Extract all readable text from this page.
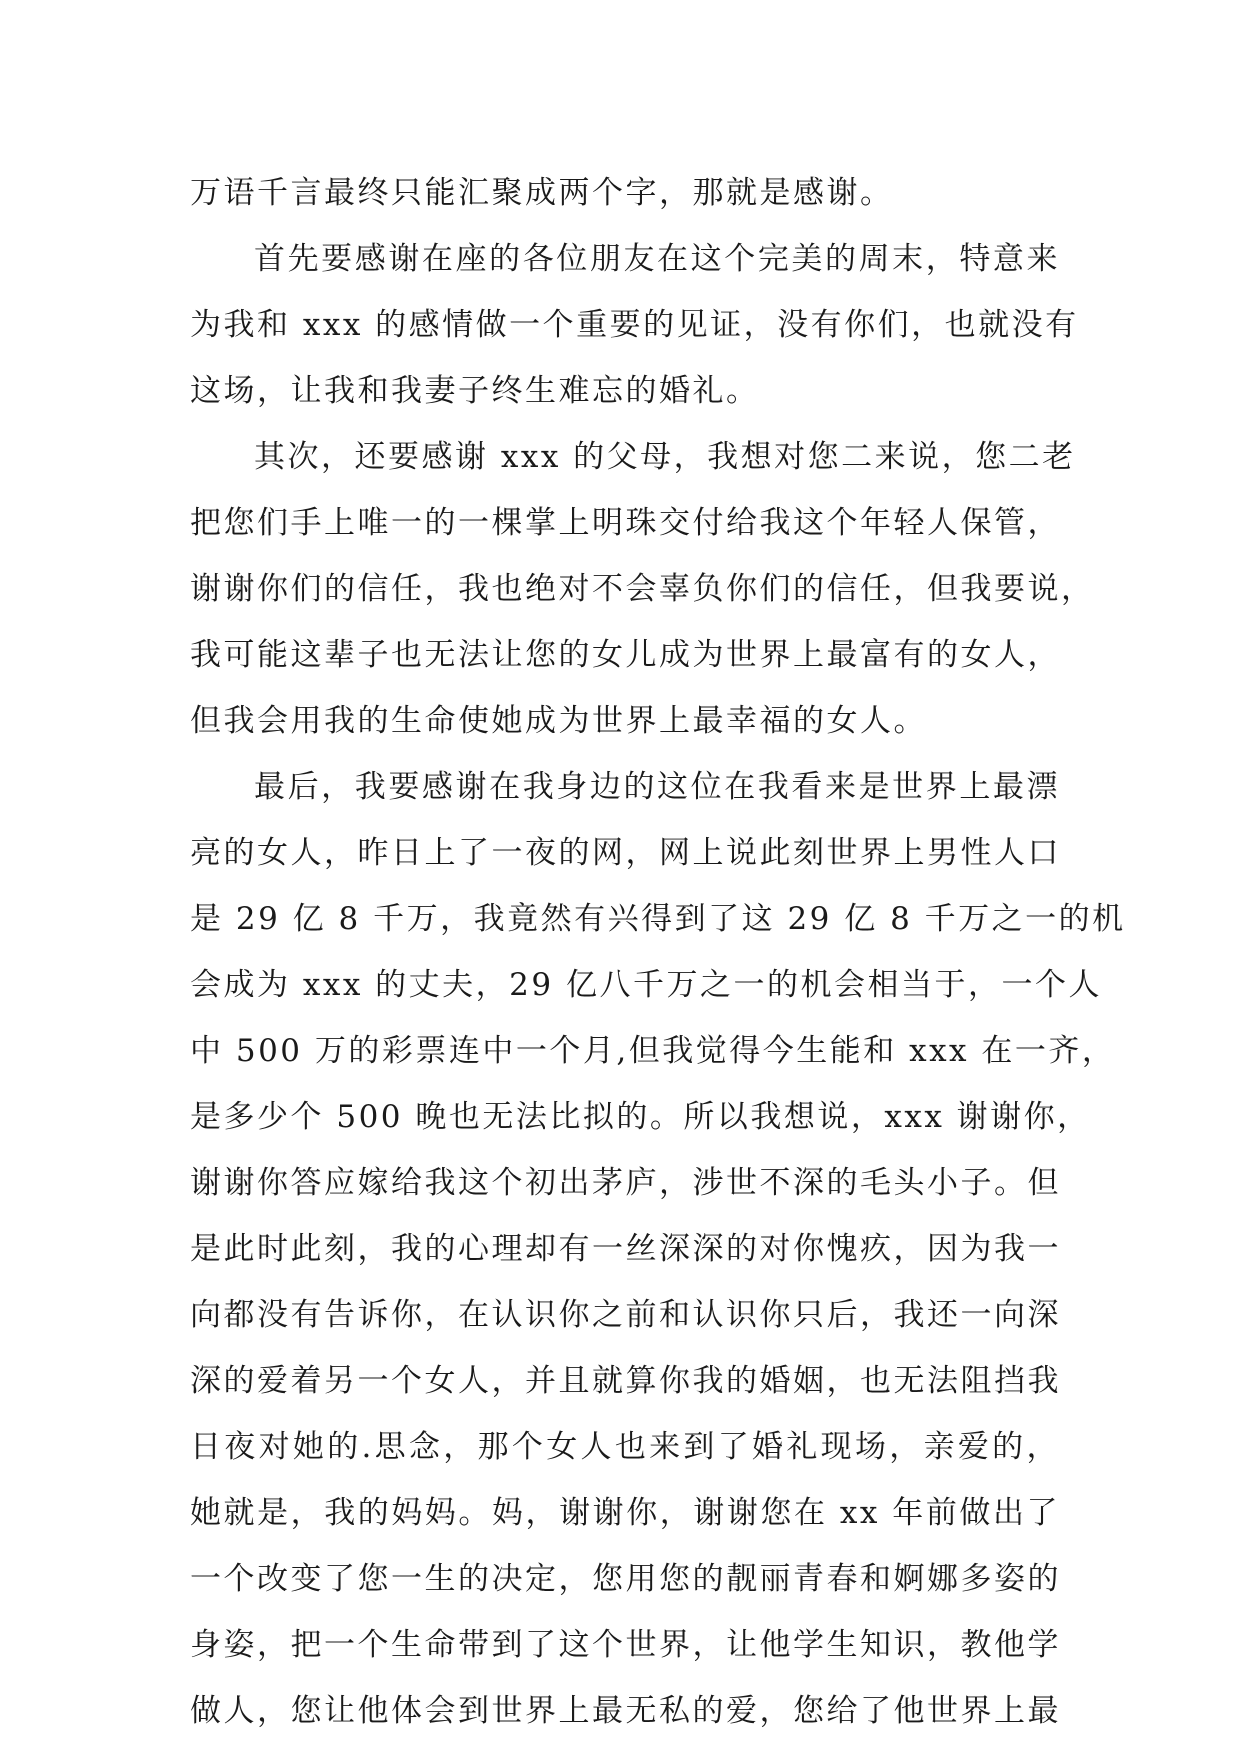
万语千言最终只能汇聚成两个字，那就是感谢。
首先要感谢在座的各位朋友在这个完美的周末，特意来
为我和 xxx 的感情做一个重要的见证，没有你们，也就没有
这场，让我和我妻子终生难忘的婚礼。
其次，还要感谢 xxx 的父母，我想对您二来说，您二老
把您们手上唯一的一棵掌上明珠交付给我这个年轻人保管，
谢谢你们的信任，我也绝对不会辜负你们的信任，但我要说，
我可能这辈子也无法让您的女儿成为世界上最富有的女人，
但我会用我的生命使她成为世界上最幸福的女人。
最后，我要感谢在我身边的这位在我看来是世界上最漂
亮的女人，昨日上了一夜的网，网上说此刻世界上男性人口
是 29 亿 8 千万，我竟然有兴得到了这 29 亿 8 千万之一的机
会成为 xxx 的丈夫，29 亿八千万之一的机会相当于，一个人
中 500 万的彩票连中一个月,但我觉得今生能和 xxx 在一齐，
是多少个 500 晚也无法比拟的。所以我想说，xxx 谢谢你，
谢谢你答应嫁给我这个初出茅庐，涉世不深的毛头小子。但
是此时此刻，我的心理却有一丝深深的对你愧疚，因为我一
向都没有告诉你，在认识你之前和认识你只后，我还一向深
深的爱着另一个女人，并且就算你我的婚姻，也无法阻挡我
日夜对她的.思念，那个女人也来到了婚礼现场，亲爱的，
她就是，我的妈妈。妈，谢谢你，谢谢您在 xx 年前做出了
一个改变了您一生的决定，您用您的靓丽青春和婀娜多姿的
身姿，把一个生命带到了这个世界，让他学生知识，教他学
做人，您让他体会到世界上最无私的爱，您给了他世界上最
